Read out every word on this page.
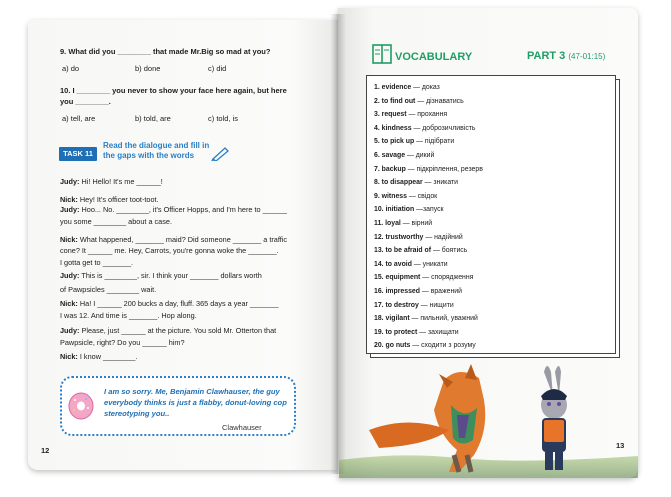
9. What did you ________ that made Mr.Big so mad at you?
a) do	b) done	c) did
10. I ________ you never to show your face here again, but here
you ________.
a) tell, are	b) told, are	c) told, is
TASK 11
Read the dialogue and fill in the gaps with the words
Judy: Hi! Hello! It's me ______!
Nick: Hey! It's officer toot-toot.
Judy: Hoo... No. ________, it's Officer Hopps, and I'm here to ______
you some ________ about a case.
Nick: What happened, _______ maid? Did someone _______ a traffic
cone? It ______ me. Hey, Carrots, you're gonna woke the _______.
I gotta get to _______.
Judy: This is ________, sir. I think your _______ dollars worth
of Pawpsicles ________ wait.
Nick: Ha! I ______ 200 bucks a day, fluff. 365 days a year _______
I was 12. And time is _______. Hop along.
Judy: Please, just ______ at the picture. You sold Mr. Otterton that
Pawpsicle, right? Do you ______ him?
Nick: I know ________.
I am so sorry. Me, Benjamin Clawhauser, the guy everybody thinks is just a flabby, donut-loving cop stereotyping you..
Clawhauser
12
VOCABULARY	PART 3 (47-01:15)
1. evidence — доказ
2. to find out — дізнаватись
3. request — прохання
4. kindness — доброзичливість
5. to pick up — підібрати
6. savage — дикий
7. backup — підкріплення, резерв
8. to disappear — зникати
9. witness — свідок
10. initiation —запуск
11. loyal — вірний
12. trustworthy — надійний
13. to be afraid of — боятись
14. to avoid — уникати
15. equipment — спорядження
16. impressed — вражений
17. to destroy — нищити
18. vigilant — пильний, уважний
19. to protect — захищати
20. go nuts — сходити з розуму
13
